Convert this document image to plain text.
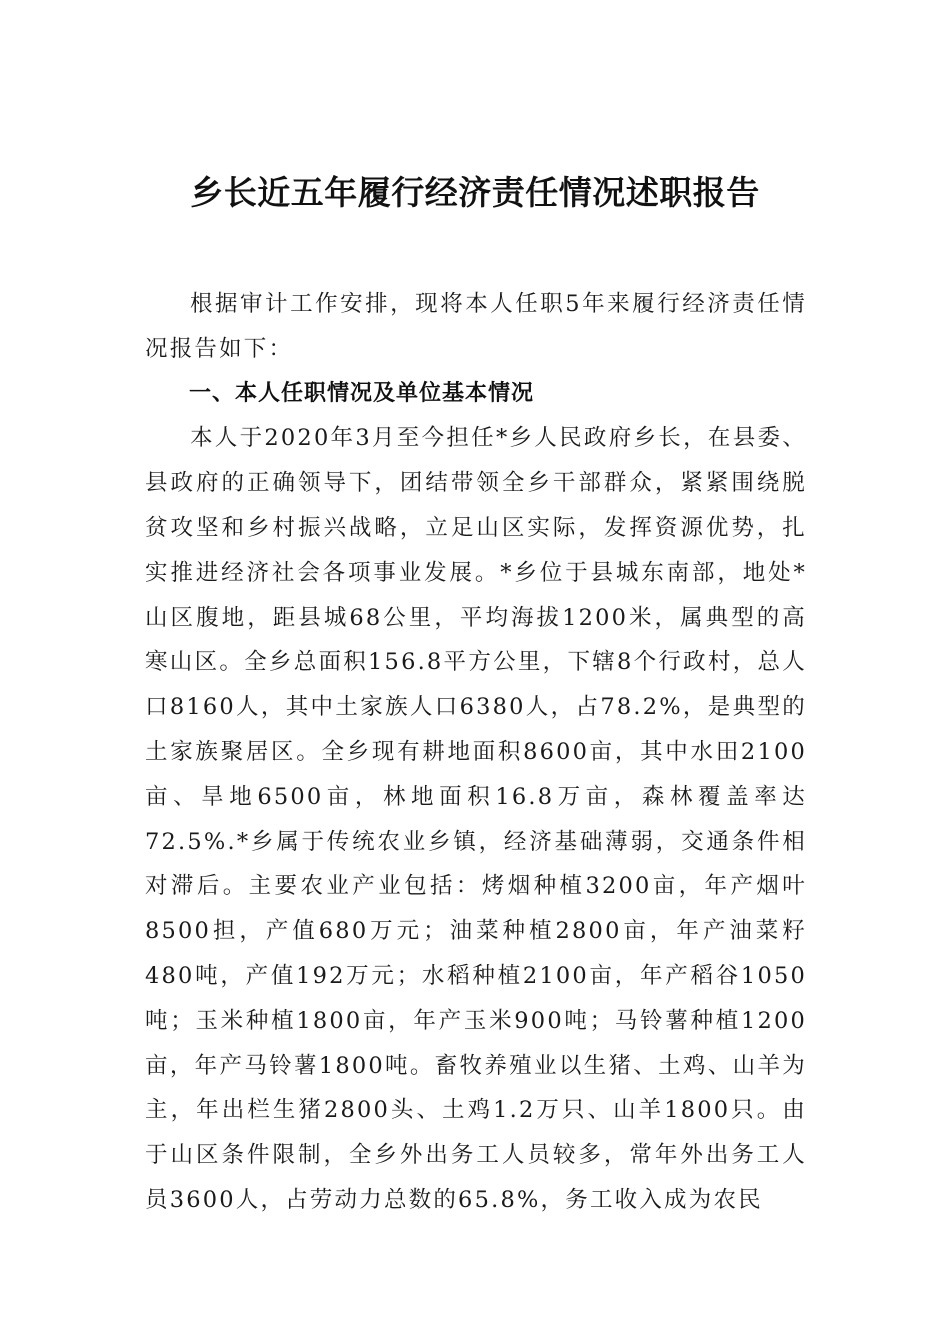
乡长近五年履行经济责任情况述职报告

根据审计工作安排，现将本人任职5年来履行经济责任情况报告如下：

一、本人任职情况及单位基本情况

本人于2020年3月至今担任*乡人民政府乡长，在县委、县政府的正确领导下，团结带领全乡干部群众，紧紧围绕脱贫攻坚和乡村振兴战略，立足山区实际，发挥资源优势，扎实推进经济社会各项事业发展。*乡位于县城东南部，地处*山区腹地，距县城68公里，平均海拔1200米，属典型的高寒山区。全乡总面积156.8平方公里，下辖8个行政村，总人口8160人，其中土家族人口6380人，占78.2%，是典型的土家族聚居区。全乡现有耕地面积8600亩，其中水田2100亩、旱地6500亩，林地面积16.8万亩，森林覆盖率达72.5%.*乡属于传统农业乡镇，经济基础薄弱，交通条件相对滞后。主要农业产业包括：烤烟种植3200亩，年产烟叶8500担，产值680万元；油菜种植2800亩，年产油菜籽480吨，产值192万元；水稻种植2100亩，年产稻谷1050吨；玉米种植1800亩，年产玉米900吨；马铃薯种植1200亩，年产马铃薯1800吨。畜牧养殖业以生猪、土鸡、山羊为主，年出栏生猪2800头、土鸡1.2万只、山羊1800只。由于山区条件限制，全乡外出务工人员较多，常年外出务工人员3600人，占劳动力总数的65.8%，务工收入成为农民
